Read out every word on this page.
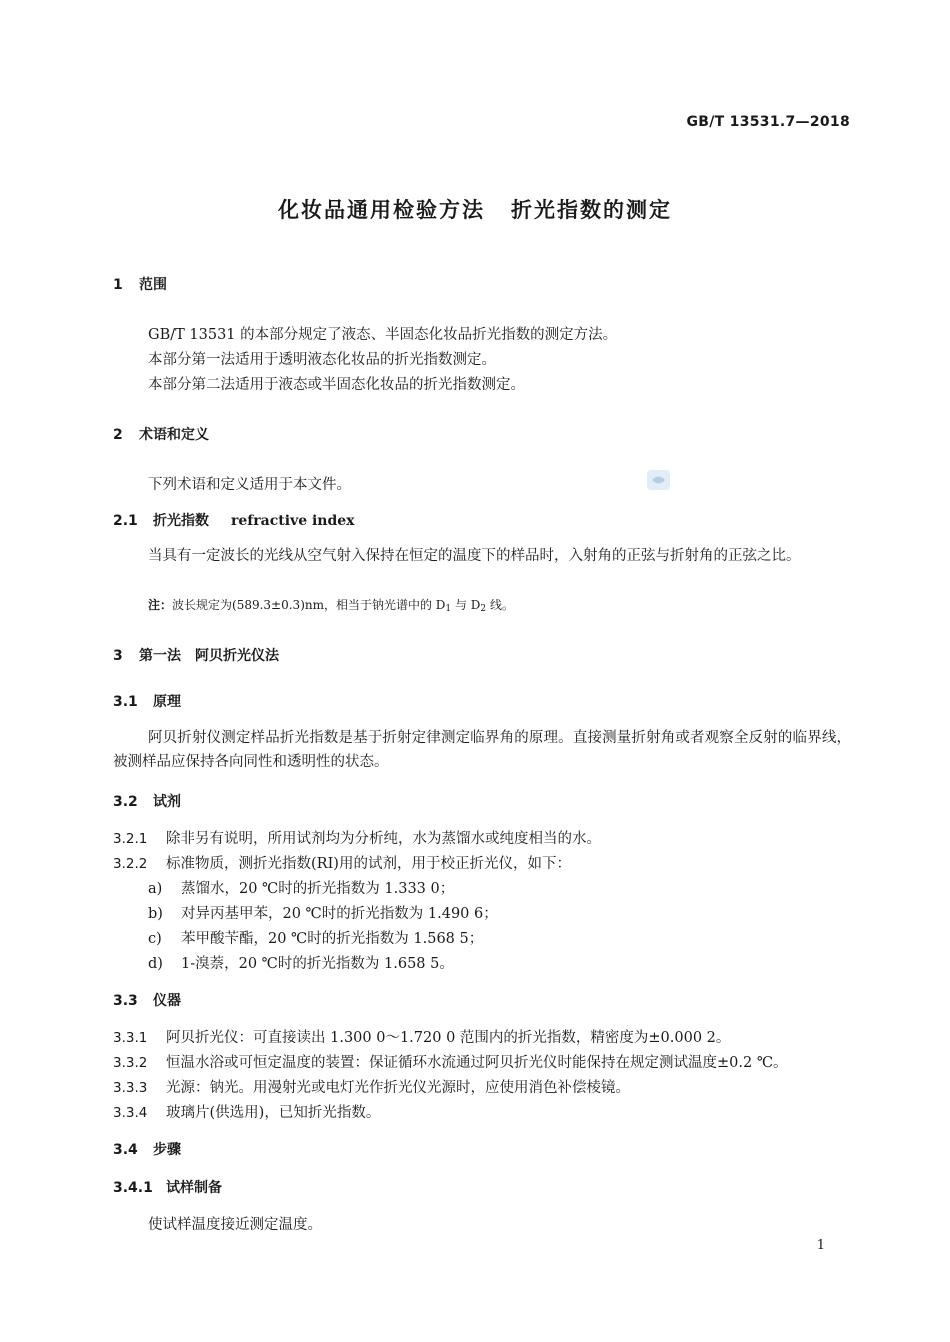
GB/T 13531.7—2018
化妆品通用检验方法 折光指数的测定
1 范围
GB/T 13531 的本部分规定了液态、半固态化妆品折光指数的测定方法。
本部分第一法适用于透明液态化妆品的折光指数测定。
本部分第二法适用于液态或半固态化妆品的折光指数测定。
2 术语和定义
下列术语和定义适用于本文件。
2.1 折光指数 refractive index
当具有一定波长的光线从空气射入保持在恒定的温度下的样品时，入射角的正弦与折射角的正弦之比。
注：波长规定为(589.3±0.3)nm，相当于钠光谱中的 $D_1$ 与 $D_2$ 线。
3 第一法　阿贝折光仪法
3.1 原理
阿贝折射仪测定样品折光指数是基于折射定律测定临界角的原理。直接测量折射角或者观察全反射的临界线，被测样品应保持各向同性和透明性的状态。
3.2 试剂
3.2.1 除非另有说明，所用试剂均为分析纯，水为蒸馏水或纯度相当的水。
3.2.2 标准物质，测折光指数(RI)用的试剂，用于校正折光仪，如下：
a) 蒸馏水，20 ℃时的折光指数为 1.333 0；
b) 对异丙基甲苯，20 ℃时的折光指数为 1.490 6；
c) 苯甲酸苄酯，20 ℃时的折光指数为 1.568 5；
d) 1-溴萘，20 ℃时的折光指数为 1.658 5。
3.3 仪器
3.3.1 阿贝折光仪：可直接读出 1.300 0～1.720 0 范围内的折光指数，精密度为±0.000 2。
3.3.2 恒温水浴或可恒定温度的装置：保证循环水流通过阿贝折光仪时能保持在规定测试温度±0.2 ℃。
3.3.3 光源：钠光。用漫射光或电灯光作折光仪光源时，应使用消色补偿棱镜。
3.3.4 玻璃片(供选用)，已知折光指数。
3.4 步骤
3.4.1 试样制备
使试样温度接近测定温度。
1
